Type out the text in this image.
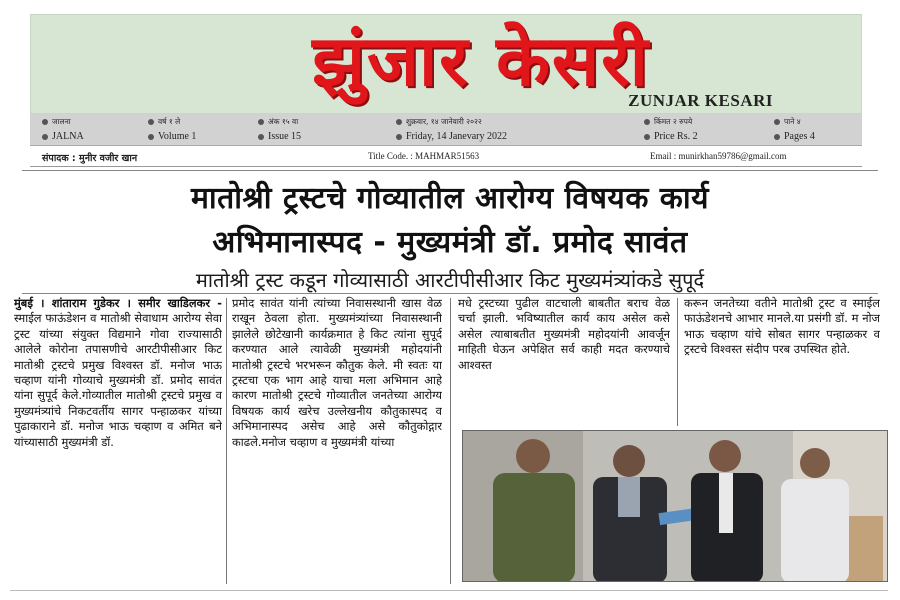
झुंजार केसरी
ZUNJAR KESARI
जालना	वर्ष १ ले	अंक १५ वा	शुक्रवार, १४ जानेवारी २०२२	किंमत २ रुपये	पाने ४
JALNA	Volume 1	Issue 15	Friday, 14 Janevary 2022	Price Rs. 2	Pages 4
संपादक : मुनीर वजीर खान	Title Code. : MAHMAR51563	Email : munirkhan59786@gmail.com
मातोश्री ट्रस्टचे गोव्यातील आरोग्य विषयक कार्य
अभिमानास्पद - मुख्यमंत्री डॉ. प्रमोद सावंत
मातोश्री ट्रस्ट कडून गोव्यासाठी आरटीपीसीआर किट मुख्यमंत्र्यांकडे सुपूर्द
मुंबई । शांताराम गुडेकर । समीर खाडिलकर - स्माईल फाऊंडेशन व मातोश्री सेवाधाम आरोग्य सेवा ट्रस्ट यांच्या संयुक्त विद्यमाने गोवा राज्यासाठी आलेले कोरोना तपासणीचे आरटीपीसीआर किट मातोश्री ट्रस्टचे प्रमुख विश्वस्त डॉ. मनोज भाऊ चव्हाण यांनी गोव्याचे मुख्यमंत्री डॉ. प्रमोद सावंत यांना सुपूर्द केले.गोव्यातील मातोश्री ट्रस्टचे प्रमुख व मुख्यमंत्र्यांचे निकटवर्तीय सागर पन्हाळकर यांच्या पुढाकाराने डॉ. मनोज भाऊ चव्हाण व अमित बने यांच्यासाठी मुख्यमंत्री डॉ.
प्रमोद सावंत यांनी त्यांच्या निवासस्थानी खास वेळ राखून ठेवला होता. मुख्यमंत्र्यांच्या निवासस्थानी झालेले छोटेखानी कार्यक्रमात हे किट त्यांना सुपूर्द करण्यात आले त्यावेळी मुख्यमंत्री महोदयांनी मातोश्री ट्रस्टचे भरभरून कौतुक केले. मी स्वतः या ट्रस्टचा एक भाग आहे याचा मला अभिमान आहे कारण मातोश्री ट्रस्टचे गोव्यातील जनतेच्या आरोग्य विषयक कार्य खरेच उल्लेखनीय कौतुकास्पद व अभिमानास्पद असेच आहे असे कौतुकोद्गार काढले.मनोज चव्हाण व मुख्यमंत्री यांच्या
मधे ट्रस्टच्या पुढील वाटचाली बाबतीत बराच वेळ चर्चा झाली. भविष्यातील कार्य काय असेल कसे असेल त्याबाबतीत मुख्यमंत्री महोदयांनी आवर्जून माहिती घेऊन अपेक्षित सर्व काही मदत करण्याचे आश्वस्त
करून जनतेच्या वतीने मातोश्री ट्रस्ट व स्माईल फाऊंडेशनचे आभार मानले.या प्रसंगी डॉ. म नोज भाऊ चव्हाण यांचे सोबत सागर पन्हाळकर व ट्रस्टचे विश्वस्त संदीप परब उपस्थित होते.
